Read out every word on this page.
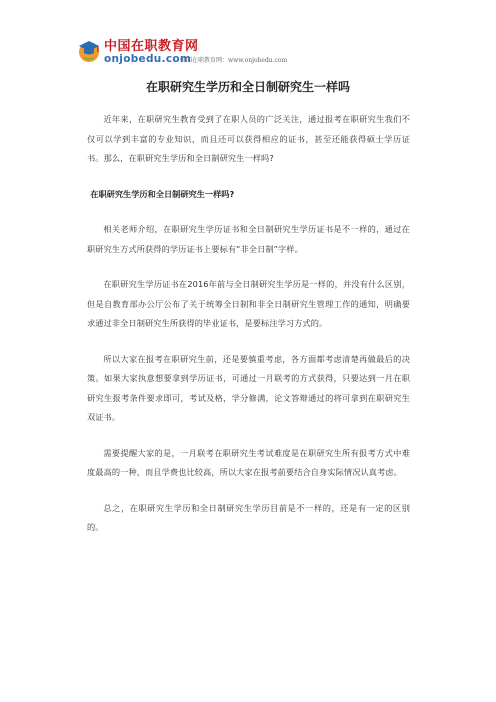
中国在职教育网
onjobedu.com
中国在职教育网：www.onjobedu.com
在职研究生学历和全日制研究生一样吗

近年来，在职研究生教育受到了在职人员的广泛关注，通过报考在职研究生我们不仅可以学到丰富的专业知识，而且还可以获得相应的证书，甚至还能获得硕士学历证书。那么，在职研究生学历和全日制研究生一样吗?

在职研究生学历和全日制研究生一样吗?

相关老师介绍，在职研究生学历证书和全日制研究生学历证书是不一样的，通过在职研究生方式所获得的学历证书上要标有“非全日制”字样。

在职研究生学历证书在2016年前与全日制研究生学历是一样的，并没有什么区别，但是自教育部办公厅公布了关于统筹全日制和非全日制研究生管理工作的通知，明确要求通过非全日制研究生所获得的毕业证书，是要标注学习方式的。

所以大家在报考在职研究生前，还是要慎重考虑，各方面都考虑清楚再做最后的决策。如果大家执意想要拿到学历证书，可通过一月联考的方式获得，只要达到一月在职研究生报考条件要求即可，考试及格，学分修满，论文答辩通过的将可拿到在职研究生双证书。

需要提醒大家的是，一月联考在职研究生考试难度是在职研究生所有报考方式中难度最高的一种，而且学费也比较高，所以大家在报考前要结合自身实际情况认真考虑。

总之，在职研究生学历和全日制研究生学历目前是不一样的，还是有一定的区别的。
